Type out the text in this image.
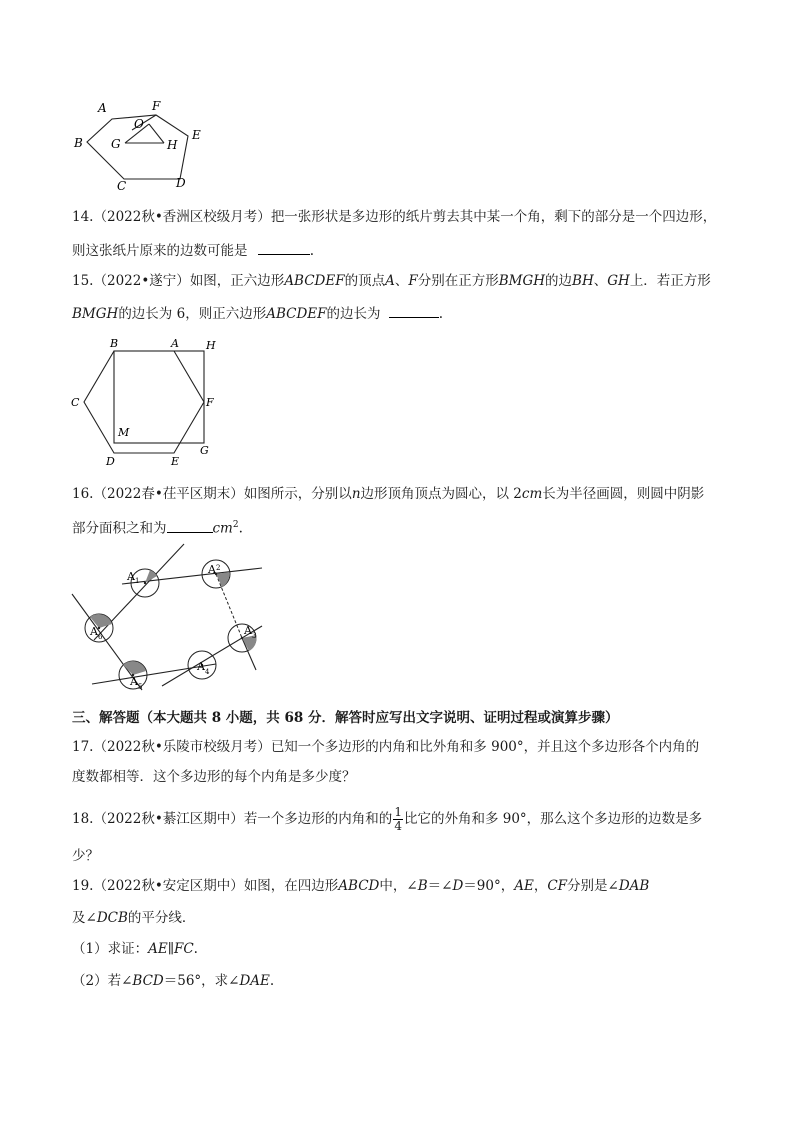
A	F
O
E
B G	H
C	D
14.（2022秋•香洲区校级月考）把一张形状是多边形的纸片剪去其中某一个角，剩下的部分是一个四边形，
则这张纸片原来的边数可能是	.
15.（2022•遂宁）如图，正六边形ABCDEF的顶点A、F分别在正方形BMGH的边BH、GH上．若正方形
BMGH的边长为 6，则正六边形ABCDEF的边长为	.
B	A H
C	F
M
G
D	E
16.（2022春•茌平区期末）如图所示，分别以n边形顶角顶点为圆心，以 2cm长为半径画圆，则圆中阴影
部分面积之和为	$cm^2$.
A 1
A 2
A 3
A 4
A 5
A 6
三、解答题（本大题共 8 小题，共 68 分．解答时应写出文字说明、证明过程或演算步骤）
17.（2022秋•乐陵市校级月考）已知一个多边形的内角和比外角和多 900°，并且这个多边形各个内角的
度数都相等．这个多边形的每个内角是多少度？
18.（2022秋•綦江区期中）若一个多边形的内角和的 $\frac{1}{4}$ 比它的外角和多 90°，那么这个多边形的边数是多
少？
19.（2022秋•安定区期中）如图，在四边形ABCD中，∠B＝∠D＝90°，AE，CF分别是∠DAB
及∠DCB的平分线．
（1）求证：AE∥FC.
（2）若∠BCD＝56°，求∠DAE.
